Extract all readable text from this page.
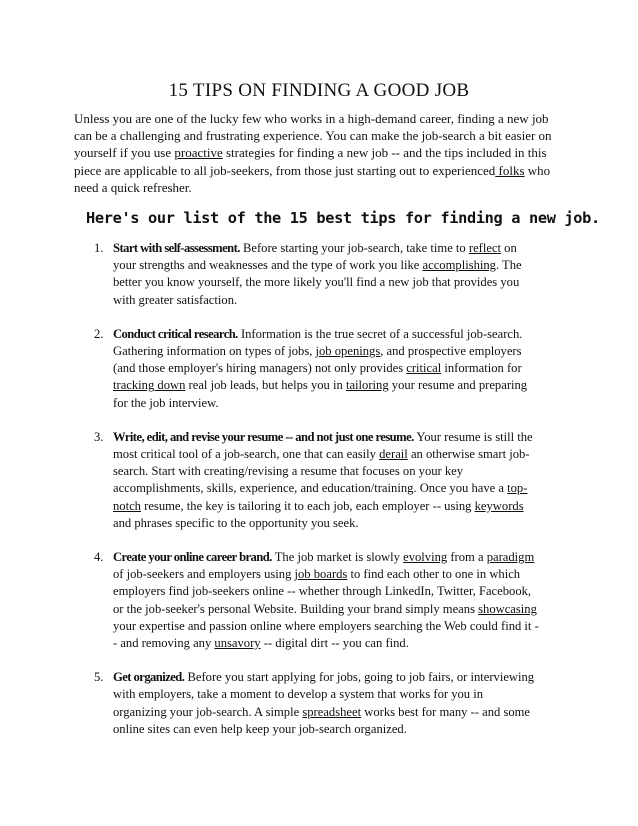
15 TIPS ON FINDING A GOOD JOB

Unless you are one of the lucky few who works in a high-demand career, finding a new job can be a challenging and frustrating experience. You can make the job-search a bit easier on yourself if you use proactive strategies for finding a new job -- and the tips included in this piece are applicable to all job-seekers, from those just starting out to experienced folks who need a quick refresher.

Here's our list of the 15 best tips for finding a new job.
1. Start with self-assessment. Before starting your job-search, take time to reflect on your strengths and weaknesses and the type of work you like accomplishing. The better you know yourself, the more likely you'll find a new job that provides you with greater satisfaction.
2. Conduct critical research. Information is the true secret of a successful job-search. Gathering information on types of jobs, job openings, and prospective employers (and those employer's hiring managers) not only provides critical information for tracking down real job leads, but helps you in tailoring your resume and preparing for the job interview.
3. Write, edit, and revise your resume -- and not just one resume. Your resume is still the most critical tool of a job-search, one that can easily derail an otherwise smart job-search. Start with creating/revising a resume that focuses on your key accomplishments, skills, experience, and education/training. Once you have a top-notch resume, the key is tailoring it to each job, each employer -- using keywords and phrases specific to the opportunity you seek.
4. Create your online career brand. The job market is slowly evolving from a paradigm of job-seekers and employers using job boards to find each other to one in which employers find job-seekers online -- whether through LinkedIn, Twitter, Facebook, or the job-seeker's personal Website. Building your brand simply means showcasing your expertise and passion online where employers searching the Web could find it -- and removing any unsavory -- digital dirt -- you can find.
5. Get organized. Before you start applying for jobs, going to job fairs, or interviewing with employers, take a moment to develop a system that works for you in organizing your job-search. A simple spreadsheet works best for many -- and some online sites can even help keep your job-search organized.
